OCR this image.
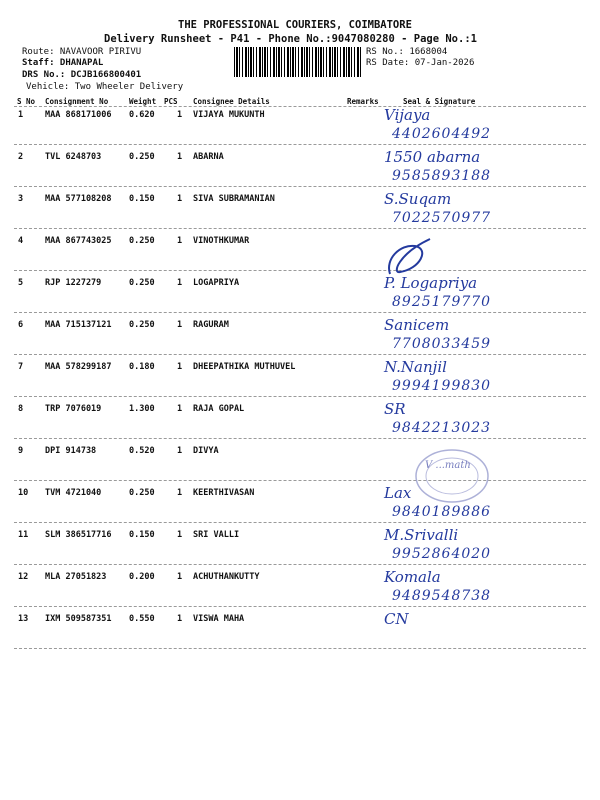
THE PROFESSIONAL COURIERS, COIMBATORE
Delivery Runsheet - P41 - Phone No.:9047080280 - Page No.:1
Route: NAVAVOOR PIRIVU
Staff: DHANAPAL
DRS No.: DCJB166800401
Vehicle: Two Wheeler Delivery
RS No.: 1668004
RS Date: 07-Jan-2026
S No Consignment No	Weight PCS Consignee Details	Remarks	Seal & Signature
1	MAA 868171006 0.620	1 VIJAYA MUKUNTH	Vijaya
4402604492
2	TVL 6248703	0.250	1 ABARNA	1550 abarna
9585893188
3	MAA 577108208 0.150	1 SIVA SUBRAMANIAN	S.Suqam
7022570977
4	MAA 867743025 0.250	1 VINOTHKUMAR
5	RJP 1227279	0.250	1 LOGAPRIYA	P. Logapriya
8925179770
6	MAA 715137121 0.250	1 RAGURAM	Sanicem
7708033459
7	MAA 578299187 0.180	1 DHEEPATHIKA MUTHUVEL	N.Nanjil
9994199830
8	TRP 7076019	1.300	1 RAJA GOPAL	SR
9842213023
9	DPI 914738	0.520	1 DIVYA
10 TVM 4721040	0.250	1 KEERTHIVASAN	Lax
9840189886
11 SLM 386517716 0.150	1 SRI VALLI	M.Srivalli
9952864020
12 MLA 27051823	0.200	1 ACHUTHANKUTTY	Komala
9489548738
13 IXM 509587351 0.550	1 VISWA MAHA	CN
V ...math
